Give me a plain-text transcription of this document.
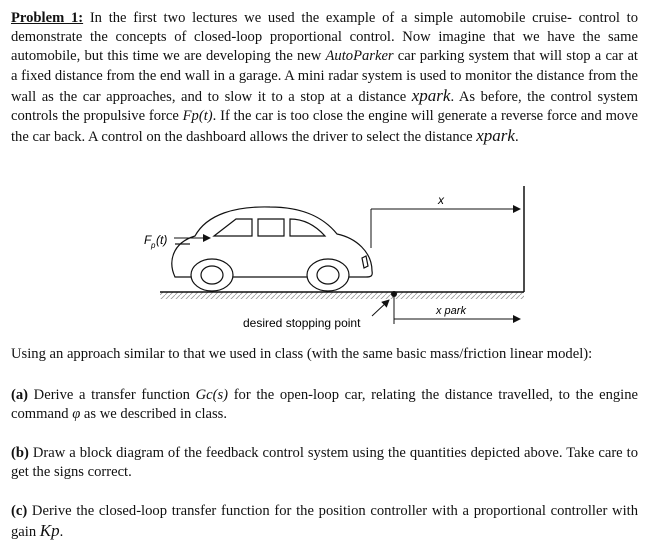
Problem 1: In the first two lectures we used the example of a simple automobile cruise- control to demonstrate the concepts of closed-loop proportional control. Now imagine that we have the same automobile, but this time we are developing the new AutoParker car parking system that will stop a car at a fixed distance from the end wall in a garage. A mini radar system is used to monitor the distance from the wall as the car approaches, and to slow it to a stop at a distance xpark. As before, the control system controls the propulsive force Fp(t). If the car is too close the engine will generate a reverse force and move the car back. A control on the dashboard allows the driver to select the distance xpark.

F p (t)
x
x park
desired stopping point

Using an approach similar to that we used in class (with the same basic mass/friction linear model):

(a) Derive a transfer function Gc(s) for the open-loop car, relating the distance travelled, to the engine command φ as we described in class.

(b) Draw a block diagram of the feedback control system using the quantities depicted above. Take care to get the signs correct.

(c) Derive the closed-loop transfer function for the position controller with a proportional controller with gain Kp.
